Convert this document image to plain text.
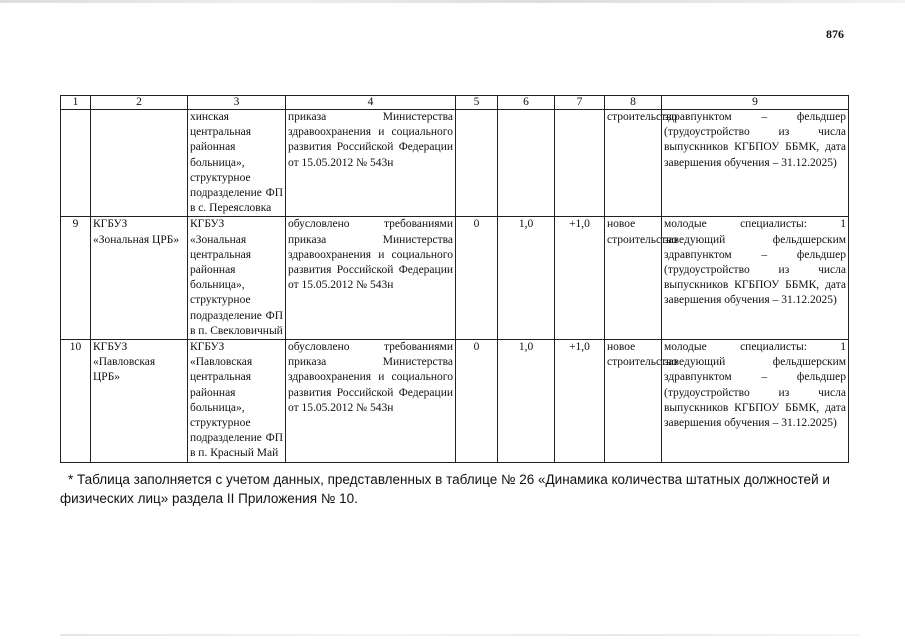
876
1	2	3	4	5	6	7	8	9
		хинская центральная районная больница», структурное подразделение ФП в с. Переясловка	приказа Министерства здравоохранения и социального развития Российской Федерации от 15.05.2012 № 543н				строительство	здравпунктом – фельдшер (трудоустройство из числа выпускников КГБПОУ ББМК, дата завершения обучения – 31.12.2025)
9	КГБУЗ «Зональная ЦРБ»	КГБУЗ «Зональная центральная районная больница», структурное подразделение ФП в п. Свекловичный	обусловлено требованиями приказа Министерства здравоохранения и социального развития Российской Федерации от 15.05.2012 № 543н	0	1,0	+1,0	новое строительство	молодые специалисты: 1 заведующий фельдшерским здравпунктом – фельдшер (трудоустройство из числа выпускников КГБПОУ ББМК, дата завершения обучения – 31.12.2025)
10	КГБУЗ «Павловская ЦРБ»	КГБУЗ «Павловская центральная районная больница», структурное подразделение ФП в п. Красный Май	обусловлено требованиями приказа Министерства здравоохранения и социального развития Российской Федерации от 15.05.2012 № 543н	0	1,0	+1,0	новое строительство	молодые специалисты: 1 заведующий фельдшерским здравпунктом – фельдшер (трудоустройство из числа выпускников КГБПОУ ББМК, дата завершения обучения – 31.12.2025)
* Таблица заполняется с учетом данных, представленных в таблице № 26 «Динамика количества штатных должностей и физических лиц» раздела II Приложения № 10.
